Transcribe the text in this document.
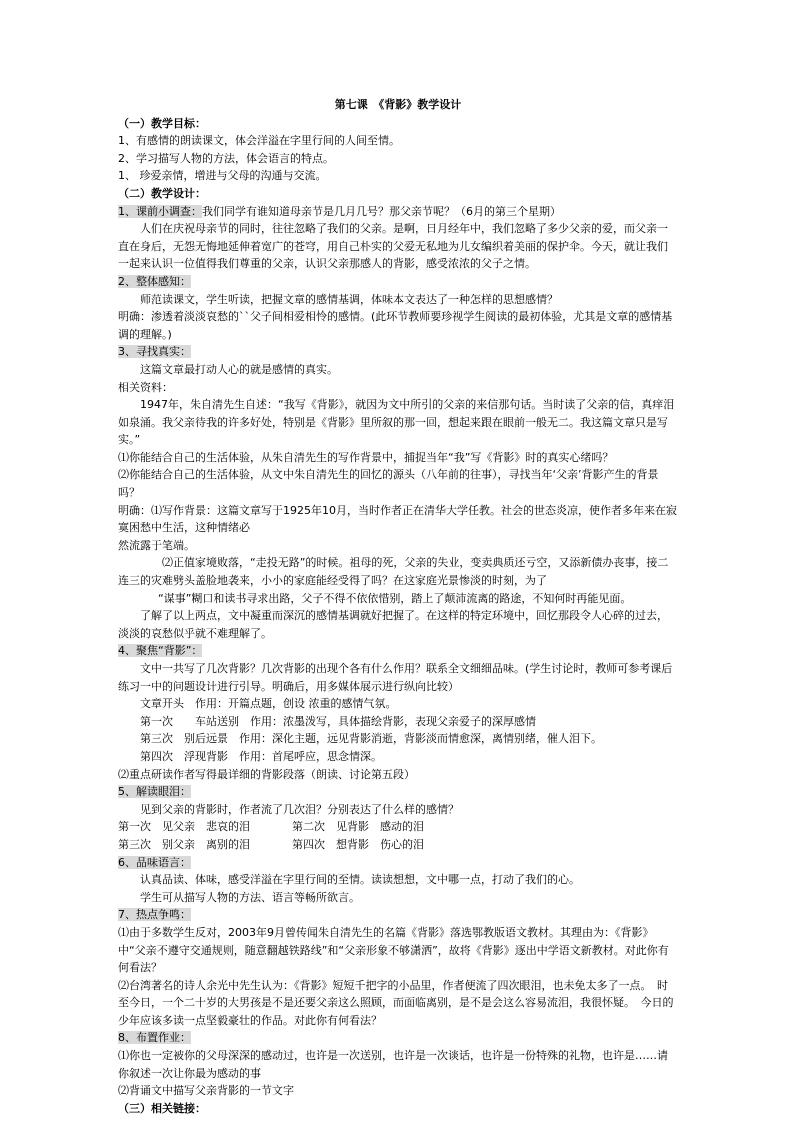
第七课　《背影》教学设计
（一）教学目标：
1、有感情的朗读课文，体会洋溢在字里行间的人间至情。
2、学习描写人物的方法，体会语言的特点。
1、 珍爱亲情，增进与父母的沟通与交流。
（二）教学设计：
1、课前小调查：我们同学有谁知道母亲节是几月几号？那父亲节呢？（6月的第三个星期）
人们在庆祝母亲节的同时，往往忽略了我们的父亲。是啊，日月经年中，我们忽略了多少父亲的爱，而父亲一直在身后，无怨无悔地延伸着宽广的苍穹，用自己朴实的父爱无私地为儿女编织着美丽的保护伞。今天，就让我们一起来认识一位值得我们尊重的父亲，认识父亲那感人的背影，感受浓浓的父子之情。
2、整体感知：
师范读课文，学生听读，把握文章的感情基调，体味本文表达了一种怎样的思想感情？
明确：渗透着淡淡哀愁的``父子间相爱相怜的感情。(此环节教师要珍视学生阅读的最初体验，尤其是文章的感情基调的理解。)
3、寻找真实：
这篇文章最打动人心的就是感情的真实。
相关资料：
1947年，朱自清先生自述：“我写《背影》，就因为文中所引的父亲的来信那句话。当时读了父亲的信，真痒泪如泉涌。我父亲待我的许多好处，特别是《背影》里所叙的那一回，想起来跟在眼前一般无二。我这篇文章只是写实。”
⑴你能结合自己的生活体验，从朱自清先生的写作背景中，捕捉当年“我”写《背影》时的真实心绪吗？
⑵你能结合自己的生活体验，从文中朱自清先生的回忆的源头（八年前的往事），寻找当年‘父亲’背影产生的背景吗？
明确：⑴写作背景：这篇文章写于1925年10月，当时作者正在清华大学任教。社会的世态炎凉，使作者多年来在寂寞困愁中生活，这种情绪必
然流露于笔端。
⑵正值家境败落，“走投无路”的时候。祖母的死，父亲的失业，变卖典质还亏空，又添新债办丧事，接二连三的灾难劈头盖脸地袭来，小小的家庭能经受得了吗？在这家庭光景惨淡的时刻，为了
“谋事”糊口和读书寻求出路，父子不得不依依惜别，踏上了颠沛流离的路途，不知何时再能见面。
了解了以上两点，文中凝重而深沉的感情基调就好把握了。在这样的特定环境中，回忆那段令人心碎的过去，淡淡的哀愁似乎就不难理解了。
4、聚焦“背影”：
文中一共写了几次背影？几次背影的出现个各有什么作用？联系全文细细品味。(学生讨论时，教师可参考课后练习一中的问题设计进行引导。明确后，用多媒体展示进行纵向比较）
文章开头　作用：开篇点题，创设 浓重的感情气氛。
第一次　　车站送别　作用：浓墨泼写，具体描绘背影，表现父亲爱子的深厚感情
第三次　别后远景　作用：深化主题，远见背影消逝，背影淡而情愈深，离情别绪，催人泪下。
第四次　浮现背影　作用：首尾呼应，思念情深。
⑵重点研读作者写得最详细的背影段落（朗读、讨论第五段）
5、解读眼泪：
见到父亲的背影时，作者流了几次泪？分别表达了什么样的感情？
第一次　见父亲　悲哀的泪	第二次　见背影　感动的泪
第三次　别父亲　离别的泪	第四次　想背影　伤心的泪
6、品味语言：
认真品读、体味，感受洋溢在字里行间的至情。读读想想，文中哪一点，打动了我们的心。
学生可从描写人物的方法、语言等畅所欲言。
7、热点争鸣：
⑴由于多数学生反对，2003年9月曾传闻朱自清先生的名篇《背影》落选鄂教版语文教材。其理由为：《背影》中“父亲不遵守交通规则，随意翻越铁路线”和“父亲形象不够潇洒”，故将《背影》逐出中学语文新教材。对此你有何看法？
⑵台湾著名的诗人余光中先生认为：《背影》短短千把字的小品里，作者便流了四次眼泪，也未免太多了一点。　时至今日，一个二十岁的大男孩是不是还要父亲这么照顾，而面临离别，是不是会这么容易流泪，我很怀疑。　今日的少年应该多读一点坚毅豪壮的作品。对此你有何看法？
8、布置作业：
⑴你也一定被你的父母深深的感动过，也许是一次送别，也许是一次谈话，也许是一份特殊的礼物，也许是……请你叙述一次让你最为感动的事
⑵背诵文中描写父亲背影的一节文字
（三）相关链接：
